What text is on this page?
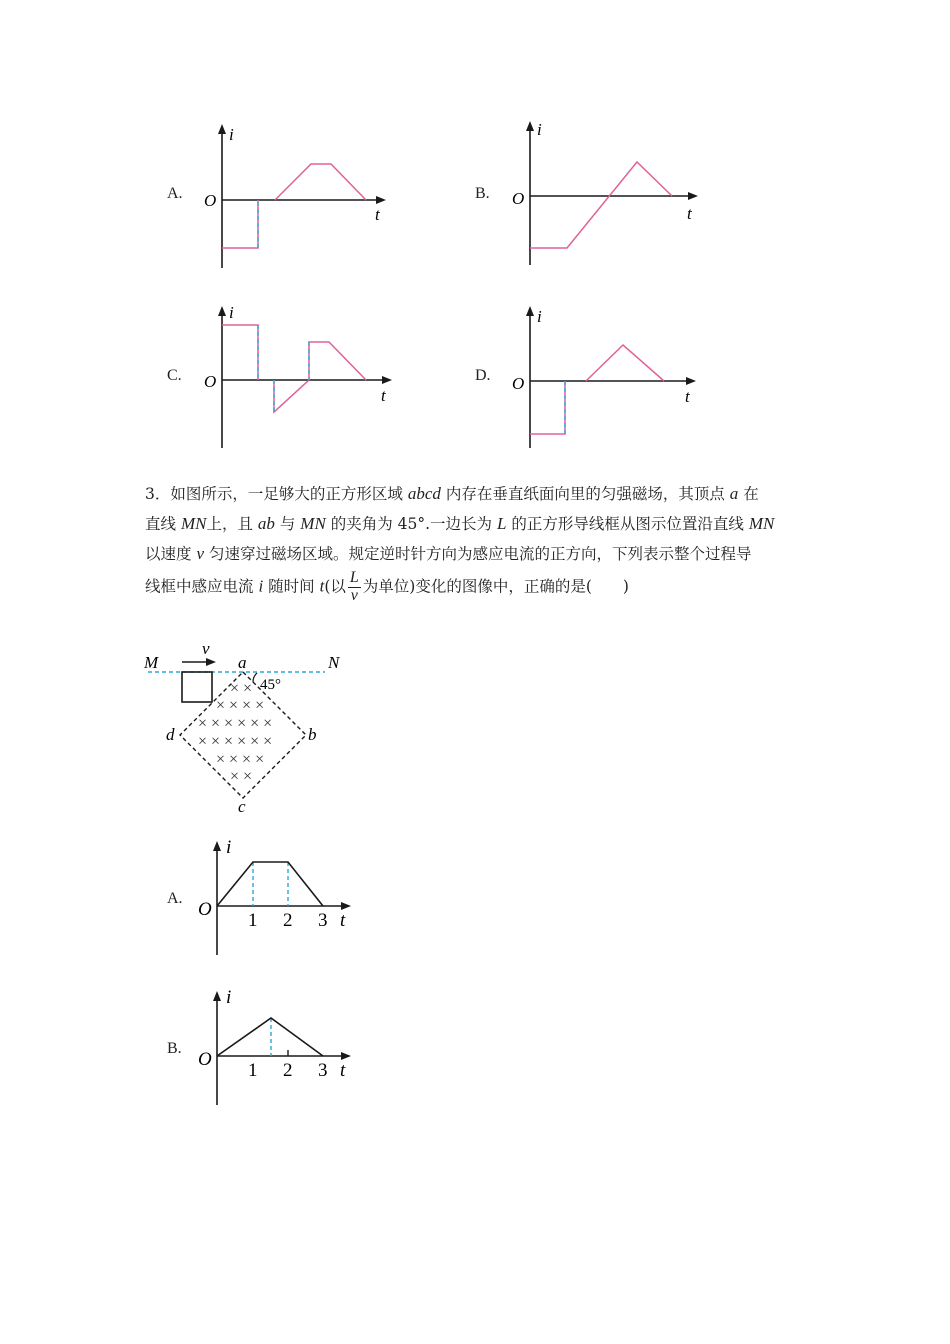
A.
i
O
t
B.
i
O
t
C.
i
O
t
D.
i
O
t
3．如图所示，一足够大的正方形区域 abcd 内存在垂直纸面向里的匀强磁场，其顶点 a 在
直线 MN上，且 ab 与 MN 的夹角为 45°.一边长为 L 的正方形导线框从图示位置沿直线 MN
以速度 v 匀速穿过磁场区域。规定逆时针方向为感应电流的正方向，下列表示整个过程导
线框中感应电流 i 随时间 t(以 $\frac{L}{v}$ 为单位)变化的图像中，正确的是(　　)
M	N
v
a
b
c
d
45°
× ×
× × × ×
× × × × × ×
× × × × × ×
× × × ×
× ×
A.
i
O
t
1 2 3
B.
i
O
t
1 2 3
